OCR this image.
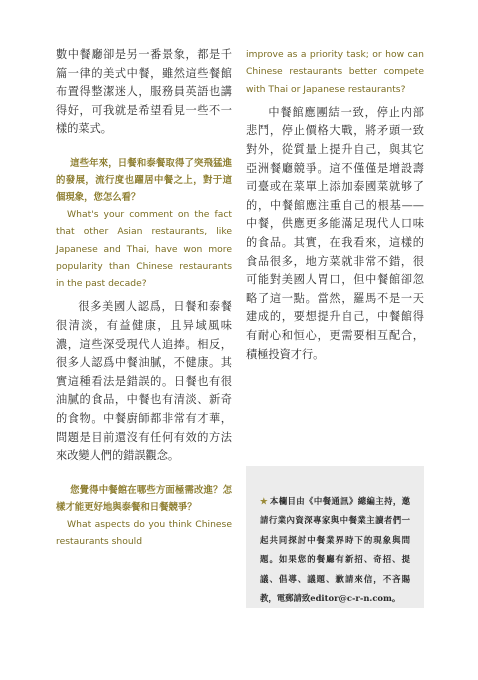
數中餐廳卻是另一番景象，都是千篇一律的美式中餐，雖然這些餐館布置得整潔迷人，服務員英語也講得好，可我就是希望看見一些不一樣的菜式。

這些年來，日餐和泰餐取得了突飛猛進的發展，流行度也躍居中餐之上，對于這個現象，您怎么看？

What's your comment on the fact that other Asian restaurants, like Japanese and Thai, have won more popularity than Chinese restaurants in the past decade?

很多美國人認爲，日餐和泰餐很清淡，有益健康，且异域風味濃，這些深受現代人追捧。相反，很多人認爲中餐油膩，不健康。其實這種看法是錯誤的。日餐也有很油膩的食品，中餐也有清淡、新奇的食物。中餐廚師都非常有才華，問題是目前還沒有任何有效的方法來改變人們的錯誤觀念。

您覺得中餐館在哪些方面極需改進？怎樣才能更好地與泰餐和日餐競爭？

What aspects do you think Chinese restaurants should

improve as a priority task; or how can Chinese restaurants better compete with Thai or Japanese restaurants?

中餐館應團結一致，停止内部悲鬥，停止價格大戰，將矛頭一致對外，從質量上提升自己，與其它亞洲餐廳競爭。這不僅僅是增設壽司臺或在菜單上添加泰國菜就够了的，中餐館應注重自己的根基——中餐，供應更多能滿足現代人口味的食品。其實，在我看來，這樣的食品很多，地方菜就非常不錯，很可能對美國人胃口，但中餐館卻忽略了這一點。當然，羅馬不是一天建成的，要想提升自己，中餐館得有耐心和恒心，更需要相互配合，積極投資才行。

★ 本欄目由《中餐通訊》總編主持，邀請行業內資深專家與中餐業主讀者們一起共同探討中餐業界時下的現象與問題。如果您的餐廳有新招、奇招、提議、倡導、議題、歉請來信，不吝賜教，電郵請致editor@c-r-n.com。
